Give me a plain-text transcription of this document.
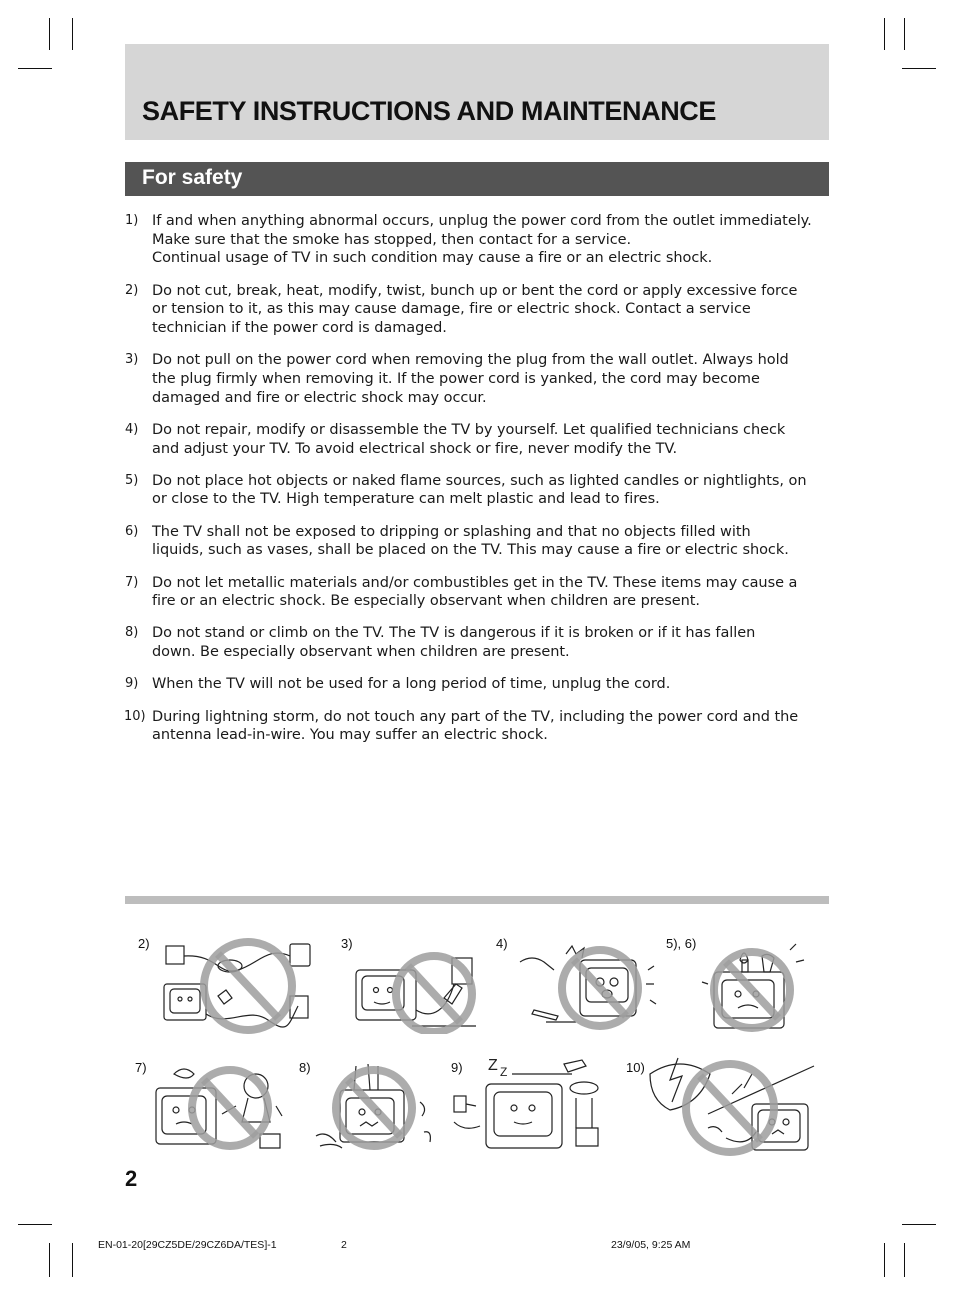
SAFETY INSTRUCTIONS AND MAINTENANCE
For safety
1) If and when anything abnormal occurs, unplug the power cord from the outlet immediately.
Make sure that the smoke has stopped, then contact for a service.
Continual usage of TV in such condition may cause a fire or an electric shock.
2) Do not cut, break, heat, modify, twist, bunch up or bent the cord or apply excessive force
or tension to it, as this may cause damage, fire or electric shock. Contact a service
technician if the power cord is damaged.
3) Do not pull on the power cord when removing the plug from the wall outlet. Always hold
the plug firmly when removing it. If the power cord is yanked, the cord may become
damaged and fire or electric shock may occur.
4) Do not repair, modify or disassemble the TV by yourself. Let qualified technicians check
and adjust your TV. To avoid electrical shock or fire, never modify the TV.
5) Do not place hot objects or naked flame sources, such as lighted candles or nightlights, on
or close to the TV. High temperature can melt plastic and lead to fires.
6) The TV shall not be exposed to dripping or splashing and that no objects filled with
liquids, such as vases, shall be placed on the TV. This may cause a fire or electric shock.
7) Do not let metallic materials and/or combustibles get in the TV. These items may cause a
fire or an electric shock. Be especially observant when children are present.
8) Do not stand or climb on the TV. The TV is dangerous if it is broken or if it has fallen
down. Be especially observant when children are present.
9) When the TV will not be used for a long period of time, unplug the cord.
10) During lightning storm, do not touch any part of the TV, including the power cord and the
antenna lead-in-wire. You may suffer an electric shock.
2)	3)	4)	5), 6)
7)	8)	9) Z Z	10)
2
EN-01-20[29CZ5DE/29CZ6DA/TES]-1	2	23/9/05, 9:25 AM
